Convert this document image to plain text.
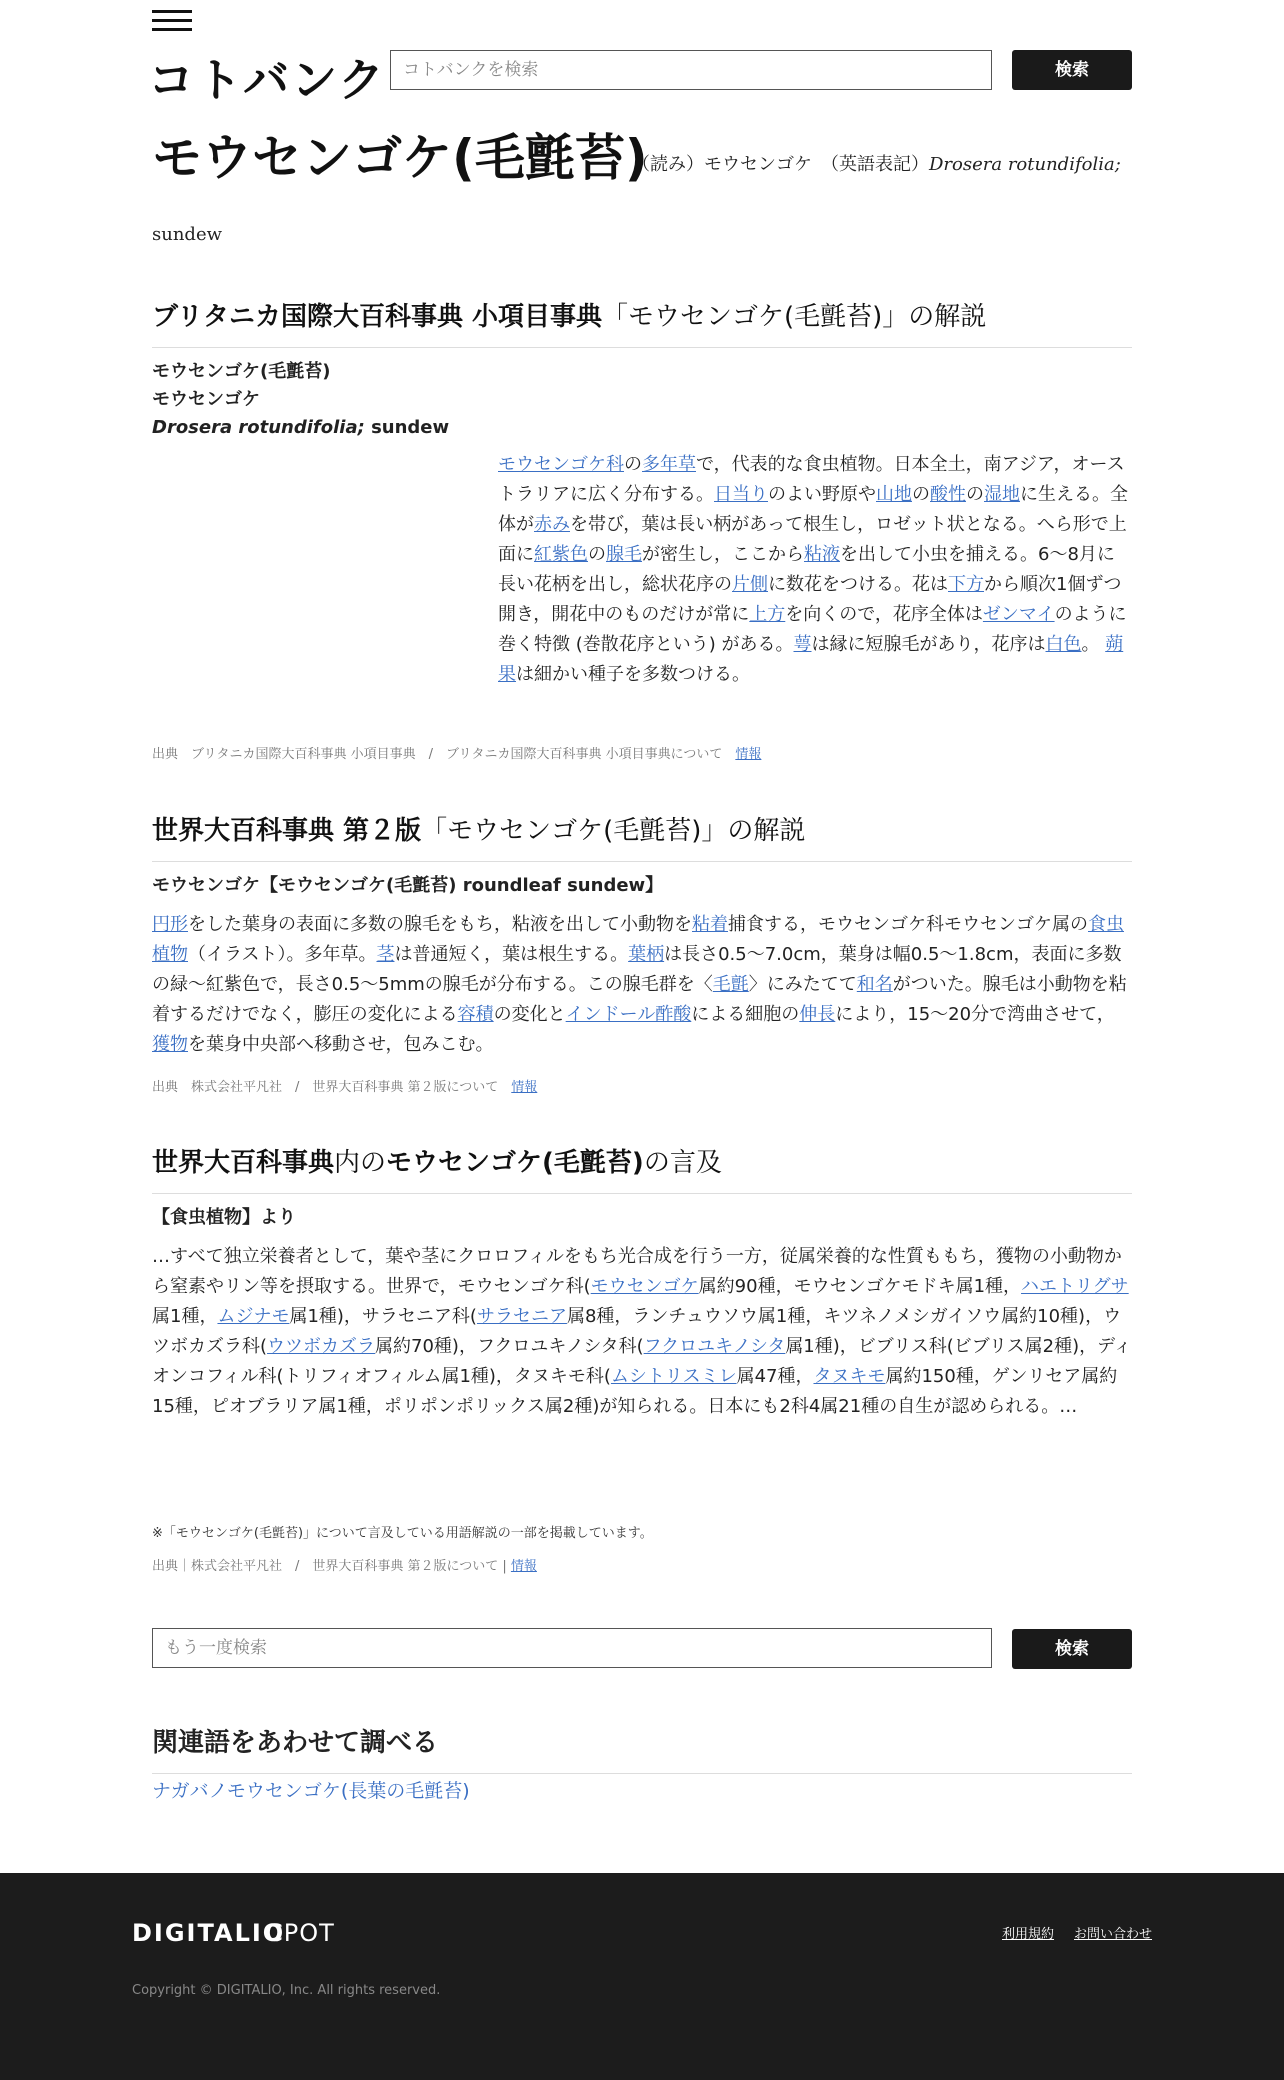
コトバンク
コトバンクを検索	検索
モウセンゴケ(毛氈苔)
（読み）モウセンゴケ　（英語表記）Drosera rotundifolia;
sundew
ブリタニカ国際大百科事典 小項目事典「モウセンゴケ(毛氈苔)」の解説
モウセンゴケ(毛氈苔)
モウセンゴケ
Drosera rotundifolia; sundew
モウセンゴケ科の多年草で，代表的な食虫植物。日本全土，南アジア，オーストラリアに広く分布する。日当りのよい野原や山地の酸性の湿地に生える。全体が赤みを帯び，葉は長い柄があって根生し，ロゼット状となる。へら形で上面に紅紫色の腺毛が密生し，ここから粘液を出して小虫を捕える。6～8月に長い花柄を出し，総状花序の片側に数花をつける。花は下方から順次1個ずつ開き，開花中のものだけが常に上方を向くので，花序全体はゼンマイのように巻く特徴 (巻散花序という) がある。萼は縁に短腺毛があり，花序は白色。 蒴果は細かい種子を多数つける。
出典　ブリタニカ国際大百科事典 小項目事典　/　ブリタニカ国際大百科事典 小項目事典について　情報
世界大百科事典 第２版「モウセンゴケ(毛氈苔)」の解説
モウセンゴケ【モウセンゴケ(毛氈苔) roundleaf sundew】
円形をした葉身の表面に多数の腺毛をもち，粘液を出して小動物を粘着捕食する，モウセンゴケ科モウセンゴケ属の食虫植物（イラスト）。多年草。茎は普通短く，葉は根生する。葉柄は長さ0.5～7.0cm，葉身は幅0.5～1.8cm，表面に多数の緑～紅紫色で，長さ0.5～5mmの腺毛が分布する。この腺毛群を〈毛氈〉にみたてて和名がついた。腺毛は小動物を粘着するだけでなく，膨圧の変化による容積の変化とインドール酢酸による細胞の伸長により，15～20分で湾曲させて，獲物を葉身中央部へ移動させ，包みこむ。
出典　株式会社平凡社　/　世界大百科事典 第２版について　情報
世界大百科事典内のモウセンゴケ(毛氈苔)の言及
【食虫植物】より
…すべて独立栄養者として，葉や茎にクロロフィルをもち光合成を行う一方，従属栄養的な性質ももち，獲物の小動物から窒素やリン等を摂取する。世界で，モウセンゴケ科(モウセンゴケ属約90種，モウセンゴケモドキ属1種，ハエトリグサ属1種，ムジナモ属1種)，サラセニア科(サラセニア属8種，ランチュウソウ属1種，キツネノメシガイソウ属約10種)，ウツボカズラ科(ウツボカズラ属約70種)，フクロユキノシタ科(フクロユキノシタ属1種)，ビブリス科(ビブリス属2種)，ディオンコフィル科(トリフィオフィルム属1種)，タヌキモ科(ムシトリスミレ属47種，タヌキモ属約150種，ゲンリセア属約15種，ピオブラリア属1種，ポリポンポリックス属2種)が知られる。日本にも2科4属21種の自生が認められる。…
※「モウセンゴケ(毛氈苔)」について言及している用語解説の一部を掲載しています。
出典｜株式会社平凡社　/　世界大百科事典 第２版について | 情報
もう一度検索
検索
関連語をあわせて調べる
ナガバノモウセンゴケ(長葉の毛氈苔)
DIGITALIO
CPOT	利用規約 お問い合わせ
Copyright © DIGITALIO, Inc. All rights reserved.
